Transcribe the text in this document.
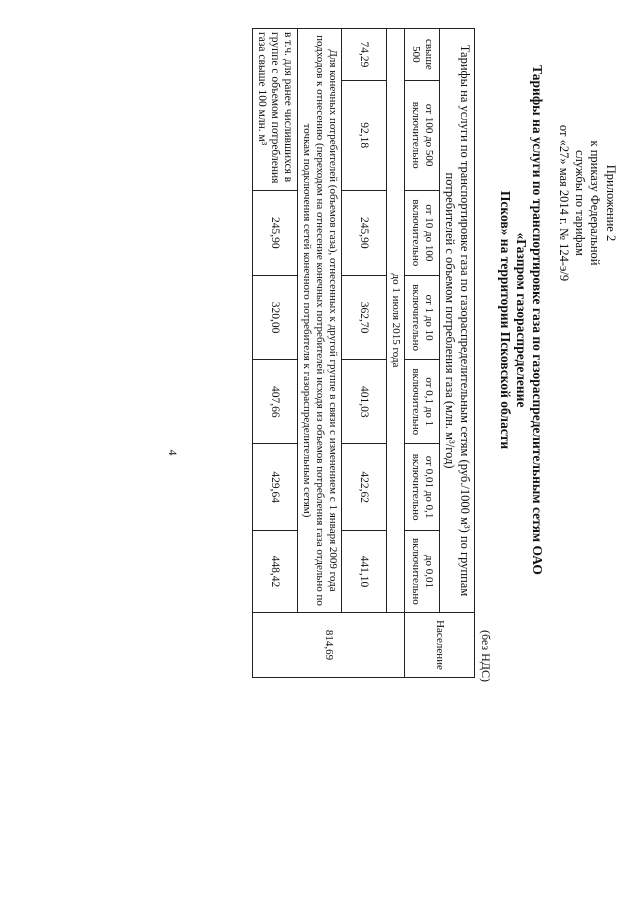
Приложение 2
к приказу Федеральной
службы по тарифам
от «27» мая 2014 г. № 124-э/9
Тарифы на услуги по транспортировке газа по газораспределительным сетям ОАО «Газпром газораспределение
Псков» на территории Псковской области
(без НДС)
Тарифы на услуги по транспортировке газа по газораспределительным сетям (руб./1000 м³) по группам потребителей с объемом потребления газа (млн. м³/год)							Население
свыше 500	от 100 до 500 включительно	от 10 до 100 включительно	от 1 до 10 включительно	от 0,1 до 1 включительно	от 0,01 до 0,1 включительно	до 0,01 включительно	
до 1 июля 2015 года							814,69
74,29	92,18	245,90	362,70	401,03	422,62	441,10	
Для конечных потребителей (объемов газа), отнесенных к другой группе в связи с изменением с 1 января 2009 года подходов к отнесению (переходом на отнесение конечных потребителей исходя из объемов потребления газа отдельно по точкам подключения сетей конечного потребителя к газораспределительным сетям)							
в т.ч. для ранее числившихся в группе с объемом потребления газа свыше 100 млн. м³		245,90	320,00	407,66	429,64	448,42	
4
